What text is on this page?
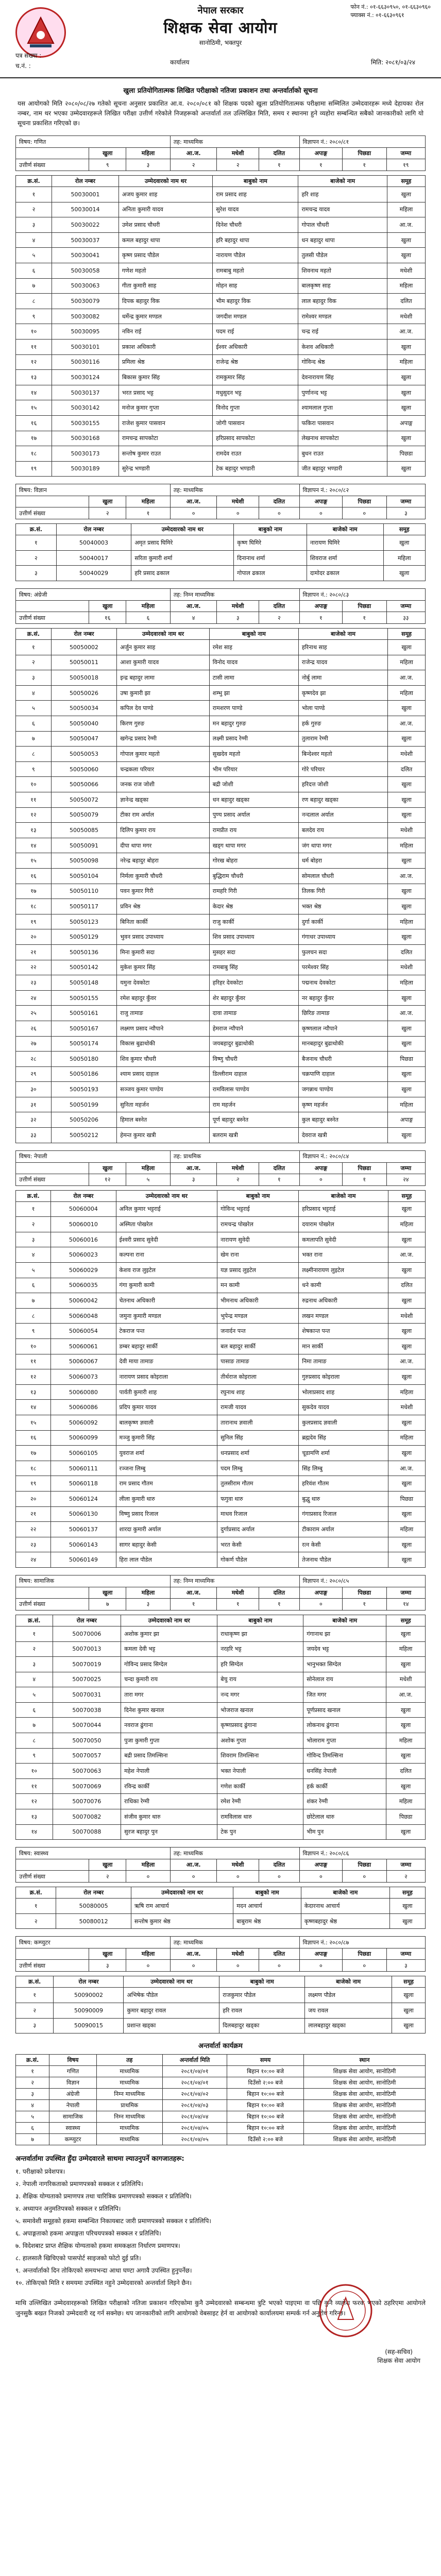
नेपाल सरकार
शिक्षक सेवा आयोग
सानोठिमी, भक्तपुर
फोन नं.: ०१-६६३०९५०, ०१-६६३०९६०
फ्याक्स नं.: ०१-६६३०९६१
पत्र संख्या :
च.नं. :	कार्यालय	मिति: २०८१/०३/२४
खुला प्रतियोगितात्मक लिखित परीक्षाको नतिजा प्रकाशन तथा अन्तर्वार्ताको सूचना
यस आयोगको मिति २०८०/०८/२७ गतेको सूचना अनुसार प्रकाशित आ.व. २०८०/०८१ को शिक्षक पदको खुला प्रतियोगितात्मक परीक्षामा सम्मिलित उम्मेदवारहरू मध्ये देहायका रोल नम्बर, नाम थर भएका उम्मेदवारहरूले लिखित परीक्षा उत्तीर्ण गरेकोले निजहरूको अन्तर्वार्ता तल उल्लिखित मिति, समय र स्थानमा हुने व्यहोरा सम्बन्धित सबैको जानकारीको लागि यो सूचना प्रकाशित गरिएको छ।
विषय: गणित			तह: माध्यमिक			विज्ञापन नं.: २०८०/८१		
	खुला	महिला	आ.ज.	मधेशी	दलित	अपाङ्ग	पिछडा	जम्मा
उत्तीर्ण संख्या	९	३	२	२	१	१	१	१९
क्र.सं.	रोल नम्बर	उम्मेदवारको नाम थर	बाबुको नाम	बाजेको नाम	समूह
१	50030001	अजय कुमार शाह	राम प्रसाद शाह	हरि शाह	खुला
२	50030014	अनिता कुमारी यादव	सुरेश यादव	रामचन्द्र यादव	महिला
३	50030022	उमेश प्रसाद चौधरी	दिनेश चौधरी	गोपाल चौधरी	आ.ज.
४	50030037	कमल बहादुर थापा	हरि बहादुर थापा	धन बहादुर थापा	खुला
५	50030041	कृष्ण प्रसाद पौडेल	नारायण पौडेल	तुलसी पौडेल	खुला
६	50030058	गणेश महतो	रामबाबु महतो	शिवनाथ महतो	मधेशी
७	50030063	गीता कुमारी साह	मोहन साह	बालकृष्ण साह	महिला
८	50030079	दिपक बहादुर विक	भीम बहादुर विक	लाल बहादुर विक	दलित
९	50030082	धर्मेन्द्र कुमार मण्डल	जगदीश मण्डल	रामेश्वर मण्डल	मधेशी
१०	50030095	नविन राई	पदम राई	चन्द्र राई	आ.ज.
११	50030101	प्रकाश अधिकारी	ईश्वर अधिकारी	केशव अधिकारी	खुला
१२	50030116	प्रमिला श्रेष्ठ	राजेन्द्र श्रेष्ठ	गोविन्द श्रेष्ठ	महिला
१३	50030124	बिकास कुमार सिंह	रामकुमार सिंह	देवनारायण सिंह	खुला
१४	50030137	भरत प्रसाद भट्ट	मधुसुदन भट्ट	पुर्णानन्द भट्ट	खुला
१५	50030142	मनोज कुमार गुप्ता	विनोद गुप्ता	श्यामलाल गुप्ता	खुला
१६	50030155	राजेश कुमार पासवान	जोगी पासवान	फकिरा पासवान	अपाङ्ग
१७	50030168	रामचन्द्र सापकोटा	हरिप्रसाद सापकोटा	लेखनाथ सापकोटा	खुला
१८	50030173	सन्तोष कुमार राउत	रामदेव राउत	बुधन राउत	पिछडा
१९	50030189	सुरेन्द्र भण्डारी	टेक बहादुर भण्डारी	जीत बहादुर भण्डारी	खुला
विषय: विज्ञान			तह: माध्यमिक			विज्ञापन नं.: २०८०/८२		
	खुला	महिला	आ.ज.	मधेशी	दलित	अपाङ्ग	पिछडा	जम्मा
उत्तीर्ण संख्या	२	१	०	०	०	०	०	३
क्र.सं.	रोल नम्बर	उम्मेदवारको नाम थर	बाबुको नाम	बाजेको नाम	समूह
१	50040003	अमृत प्रसाद घिमिरे	कृष्ण घिमिरे	नारायण घिमिरे	खुला
२	50040017	सरिता कुमारी शर्मा	दिनानाथ शर्मा	शिवराज शर्मा	महिला
३	50040029	हरि प्रसाद ढकाल	गोपाल ढकाल	दामोदर ढकाल	खुला
विषय: अंग्रेजी			तह: निम्न माध्यमिक			विज्ञापन नं.: २०८०/८३		
	खुला	महिला	आ.ज.	मधेशी	दलित	अपाङ्ग	पिछडा	जम्मा
उत्तीर्ण संख्या	१६	६	४	३	२	१	१	३३
क्र.सं.	रोल नम्बर	उम्मेदवारको नाम थर	बाबुको नाम	बाजेको नाम	समूह
१	50050002	अर्जुन कुमार साह	रमेश साह	हरिनाथ साह	खुला
२	50050011	आशा कुमारी यादव	विनोद यादव	राजेन्द्र यादव	महिला
३	50050018	इन्द्र बहादुर लामा	टासी लामा	नोर्बु लामा	आ.ज.
४	50050026	उषा कुमारी झा	शम्भु झा	कृष्णदेव झा	महिला
५	50050034	कपिल देव पाण्डे	रामशरण पाण्डे	भोला पाण्डे	खुला
६	50050040	किरण गुरुङ	मन बहादुर गुरुङ	हर्क गुरुङ	आ.ज.
७	50050047	खगेन्द्र प्रसाद रेग्मी	लक्ष्मी प्रसाद रेग्मी	तुलाराम रेग्मी	खुला
८	50050053	गोपाल कुमार महतो	सुखदेव महतो	बिन्देश्वर महतो	मधेशी
९	50050060	चन्द्रकला परियार	भीम परियार	गोरे परियार	दलित
१०	50050066	जनक राज जोशी	बद्री जोशी	हरिदत्त जोशी	खुला
११	50050072	ज्ञानेन्द्र खड्का	धन बहादुर खड्का	रण बहादुर खड्का	खुला
१२	50050079	टीका राम अर्याल	पुण्य प्रसाद अर्याल	नन्दलाल अर्याल	खुला
१३	50050085	दिलिप कुमार राय	रामप्रीत राय	बलदेव राय	मधेशी
१४	50050091	दीपा थापा मगर	खड्ग थापा मगर	जंग थापा मगर	महिला
१५	50050098	नरेन्द्र बहादुर बोहरा	गोरख बोहरा	धर्म बोहरा	खुला
१६	50050104	निर्मला कुमारी चौधरी	बुद्धिराम चौधरी	सोमलाल चौधरी	आ.ज.
१७	50050110	पवन कुमार गिरी	रामहरि गिरी	तिलक गिरी	खुला
१८	50050117	प्रविन श्रेष्ठ	केदार श्रेष्ठ	भक्त श्रेष्ठ	खुला
१९	50050123	बिनिता कार्की	राजु कार्की	दुर्गा कार्की	महिला
२०	50050129	भुवन प्रसाद उपाध्याय	शिव प्रसाद उपाध्याय	गंगाधर उपाध्याय	खुला
२१	50050136	मिना कुमारी सदा	मुसहर सदा	फुलचन सदा	दलित
२२	50050142	मुकेश कुमार सिंह	रामबाबु सिंह	परमेश्वर सिंह	मधेशी
२३	50050148	यमुना देवकोटा	हरिहर देवकोटा	पद्मनाथ देवकोटा	महिला
२४	50050155	रमेश बहादुर कुँवर	शेर बहादुर कुँवर	नर बहादुर कुँवर	खुला
२५	50050161	राजु तामाङ	दावा तामाङ	छिरिङ तामाङ	आ.ज.
२६	50050167	लक्ष्मण प्रसाद न्यौपाने	हेमराज न्यौपाने	कृष्णलाल न्यौपाने	खुला
२७	50050174	विकास बुढाथोकी	जयबहादुर बुढाथोकी	मानबहादुर बुढाथोकी	खुला
२८	50050180	शिव कुमार चौधरी	विष्णु चौधरी	बैजनाथ चौधरी	पिछडा
२९	50050186	श्याम प्रसाद दाहाल	डिल्लीराम दाहाल	चक्रपाणि दाहाल	खुला
३०	50050193	सञ्जय कुमार पाण्डेय	रामविलास पाण्डेय	जगन्नाथ पाण्डेय	खुला
३१	50050199	सुनिता महर्जन	राम महर्जन	कृष्ण महर्जन	महिला
३२	50050206	हिमाल बस्नेत	पूर्ण बहादुर बस्नेत	कुल बहादुर बस्नेत	अपाङ्ग
३३	50050212	हेमन्त कुमार खत्री	बलराम खत्री	देवराज खत्री	खुला
विषय: नेपाली			तह: प्राथमिक			विज्ञापन नं.: २०८०/८४		
	खुला	महिला	आ.ज.	मधेशी	दलित	अपाङ्ग	पिछडा	जम्मा
उत्तीर्ण संख्या	१२	५	३	२	१	०	१	२४
क्र.सं.	रोल नम्बर	उम्मेदवारको नाम थर	बाबुको नाम	बाजेको नाम	समूह
१	50060004	अनिल कुमार भट्टराई	गोविन्द भट्टराई	हरिप्रसाद भट्टराई	खुला
२	50060010	अस्मिता पोखरेल	रामचन्द्र पोखरेल	दयाराम पोखरेल	महिला
३	50060016	ईश्वरी प्रसाद सुवेदी	नारायण सुवेदी	कमलापति सुवेदी	खुला
४	50060023	कल्पना राना	खेम राना	भक्त राना	आ.ज.
५	50060029	केशव राज लुइटेल	यज्ञ प्रसाद लुइटेल	लक्ष्मीनारायण लुइटेल	खुला
६	50060035	गंगा कुमारी कामी	मन कामी	धने कामी	दलित
७	50060042	चेतनाथ अधिकारी	भीमनाथ अधिकारी	रुद्रनाथ अधिकारी	खुला
८	50060048	जमुना कुमारी मण्डल	भुपेन्द्र मण्डल	लखन मण्डल	मधेशी
९	50060054	टेकराज पन्त	जनार्दन पन्त	शेषकान्त पन्त	खुला
१०	50060061	डम्बर बहादुर सार्की	बल बहादुर सार्की	मान सार्की	खुला
११	50060067	देवी माया तामाङ	पासाङ तामाङ	निमा तामाङ	आ.ज.
१२	50060073	नारायण प्रसाद कोइराला	तीर्थराज कोइराला	गुरुप्रसाद कोइराला	खुला
१३	50060080	पार्वती कुमारी शाह	रघुनाथ शाह	भोलाप्रसाद शाह	महिला
१४	50060086	प्रदिप कुमार यादव	रामजी यादव	सुकदेव यादव	मधेशी
१५	50060092	बालकृष्ण ज्ञवाली	तारानाथ ज्ञवाली	कुलप्रसाद ज्ञवाली	खुला
१६	50060099	मञ्जु कुमारी सिंह	सुनिल सिंह	ब्रह्मदेव सिंह	महिला
१७	50060105	युवराज शर्मा	धनप्रसाद शर्मा	चूडामणि शर्मा	खुला
१८	50060111	रञ्जना लिम्बु	पदम लिम्बु	सिंह लिम्बु	आ.ज.
१९	50060118	राम प्रसाद गौतम	तुलसीराम गौतम	हरिवंश गौतम	खुला
२०	50060124	लीला कुमारी थारु	फगुवा थारु	बुद्धु थारु	पिछडा
२१	50060130	विष्णु प्रसाद रिजाल	माधव रिजाल	गंगाप्रसाद रिजाल	खुला
२२	50060137	शारदा कुमारी अर्याल	दुर्गाप्रसाद अर्याल	टीकाराम अर्याल	महिला
२३	50060143	सागर बहादुर केसी	भरत केसी	रत्न केसी	खुला
२४	50060149	हिरा लाल पौडेल	गोकर्ण पौडेल	तेजनाथ पौडेल	खुला
विषय: सामाजिक			तह: निम्न माध्यमिक			विज्ञापन नं.: २०८०/८५		
	खुला	महिला	आ.ज.	मधेशी	दलित	अपाङ्ग	पिछडा	जम्मा
उत्तीर्ण संख्या	७	३	१	१	१	०	१	१४
क्र.सं.	रोल नम्बर	उम्मेदवारको नाम थर	बाबुको नाम	बाजेको नाम	समूह
१	50070006	अशोक कुमार झा	राधाकृष्ण झा	गंगानाथ झा	खुला
२	50070013	कमला देवी भट्ट	नरहरि भट्ट	जयदेव भट्ट	महिला
३	50070019	गोविन्द प्रसाद सिग्देल	हरि सिग्देल	भानुभक्त सिग्देल	खुला
४	50070025	चन्दा कुमारी राय	बेचु राय	सोनेलाल राय	मधेशी
५	50070031	तारा मगर	नन्द मगर	जित मगर	आ.ज.
६	50070038	दिनेश कुमार खनाल	भोजराज खनाल	पूर्णप्रसाद खनाल	खुला
७	50070044	नवराज ढुंगाना	कृष्णप्रसाद ढुंगाना	लोकनाथ ढुंगाना	खुला
८	50070050	पुजा कुमारी गुप्ता	अशोक गुप्ता	भोलाराम गुप्ता	महिला
९	50070057	बद्री प्रसाद तिमल्सिना	शिवराम तिमल्सिना	गोविन्द तिमल्सिना	खुला
१०	50070063	महेश नेपाली	भक्त नेपाली	धनसिंह नेपाली	दलित
११	50070069	रविन्द्र कार्की	गणेश कार्की	हर्क कार्की	खुला
१२	50070076	राधिका रेग्मी	रमेश रेग्मी	शंकर रेग्मी	महिला
१३	50070082	संजीव कुमार थारु	रामविलास थारु	छोटेलाल थारु	पिछडा
१४	50070088	सुरज बहादुर पुन	टेक पुन	भीम पुन	खुला
विषय: स्वास्थ्य			तह: माध्यमिक			विज्ञापन नं.: २०८०/८६		
	खुला	महिला	आ.ज.	मधेशी	दलित	अपाङ्ग	पिछडा	जम्मा
उत्तीर्ण संख्या	२	०	०	०	०	०	०	२
क्र.सं.	रोल नम्बर	उम्मेदवारको नाम थर	बाबुको नाम	बाजेको नाम	समूह
१	50080005	ऋषि राम आचार्य	मदन आचार्य	केदारनाथ आचार्य	खुला
२	50080012	सन्तोष कुमार श्रेष्ठ	बाबुराम श्रेष्ठ	कृष्णबहादुर श्रेष्ठ	खुला
विषय: कम्प्युटर			तह: माध्यमिक			विज्ञापन नं.: २०८०/८७		
	खुला	महिला	आ.ज.	मधेशी	दलित	अपाङ्ग	पिछडा	जम्मा
उत्तीर्ण संख्या	३	०	०	०	०	०	०	३
क्र.सं.	रोल नम्बर	उम्मेदवारको नाम थर	बाबुको नाम	बाजेको नाम	समूह
१	50090002	अभिषेक पौडेल	राजकुमार पौडेल	लक्ष्मण पौडेल	खुला
२	50090009	कुमार बहादुर रावल	हरि रावल	जय रावल	खुला
३	50090015	प्रशान्त खड्का	दिलबहादुर खड्का	लालबहादुर खड्का	खुला
अन्तर्वार्ता कार्यक्रम
क्र.सं.	विषय	तह	अन्तर्वार्ता मिति	समय	स्थान
१	गणित	माध्यमिक	२०८१/०४/०१	बिहान १०:०० बजे	शिक्षक सेवा आयोग, सानोठिमी
२	विज्ञान	माध्यमिक	२०८१/०४/०१	दिउँसो २:०० बजे	शिक्षक सेवा आयोग, सानोठिमी
३	अंग्रेजी	निम्न माध्यमिक	२०८१/०४/०२	बिहान १०:०० बजे	शिक्षक सेवा आयोग, सानोठिमी
४	नेपाली	प्राथमिक	२०८१/०४/०३	बिहान १०:०० बजे	शिक्षक सेवा आयोग, सानोठिमी
५	सामाजिक	निम्न माध्यमिक	२०८१/०४/०४	बिहान १०:०० बजे	शिक्षक सेवा आयोग, सानोठिमी
६	स्वास्थ्य	माध्यमिक	२०८१/०४/०५	बिहान १०:०० बजे	शिक्षक सेवा आयोग, सानोठिमी
७	कम्प्युटर	माध्यमिक	२०८१/०४/०५	दिउँसो २:०० बजे	शिक्षक सेवा आयोग, सानोठिमी
अन्तर्वार्तामा उपस्थित हुँदा उम्मेदवारले साथमा ल्याउनुपर्ने कागजातहरू:
१. परीक्षाको प्रवेशपत्र।
२. नेपाली नागरिकताको प्रमाणपत्रको सक्कल र प्रतिलिपि।
३. शैक्षिक योग्यताको प्रमाणपत्र तथा चारित्रिक प्रमाणपत्रको सक्कल र प्रतिलिपि।
४. अध्यापन अनुमतिपत्रको सक्कल र प्रतिलिपि।
५. समावेशी समूहको हकमा सम्बन्धित निकायबाट जारी प्रमाणपत्रको सक्कल र प्रतिलिपि।
६. अपाङ्गताको हकमा अपाङ्गता परिचयपत्रको सक्कल र प्रतिलिपि।
७. विदेशबाट प्राप्त शैक्षिक योग्यताको हकमा समकक्षता निर्धारण प्रमाणपत्र।
८. हालसालै खिचिएको पासपोर्ट साइजको फोटो दुई प्रति।
९. अन्तर्वार्ताको दिन तोकिएको समयभन्दा आधा घण्टा अगावै उपस्थित हुनुपर्नेछ।
१०. तोकिएको मिति र समयमा उपस्थित नहुने उम्मेदवारको अन्तर्वार्ता लिइने छैन।
माथि उल्लिखित उम्मेदवारहरूको लिखित परीक्षाको नतिजा प्रकाशन गरिएकोमा कुनै उम्मेदवारको सम्बन्धमा त्रुटि भएको पाइएमा वा पछि कुनै व्यहोरा फरक भएको ठहरिएमा आयोगले जुनसुकै बखत निजको उम्मेदवारी रद्द गर्न सक्नेछ। थप जानकारीको लागि आयोगको वेबसाइट हेर्न वा आयोगको कार्यालयमा सम्पर्क गर्न अनुरोध गरिन्छ।
(सह-सचिव)
शिक्षक सेवा आयोग
